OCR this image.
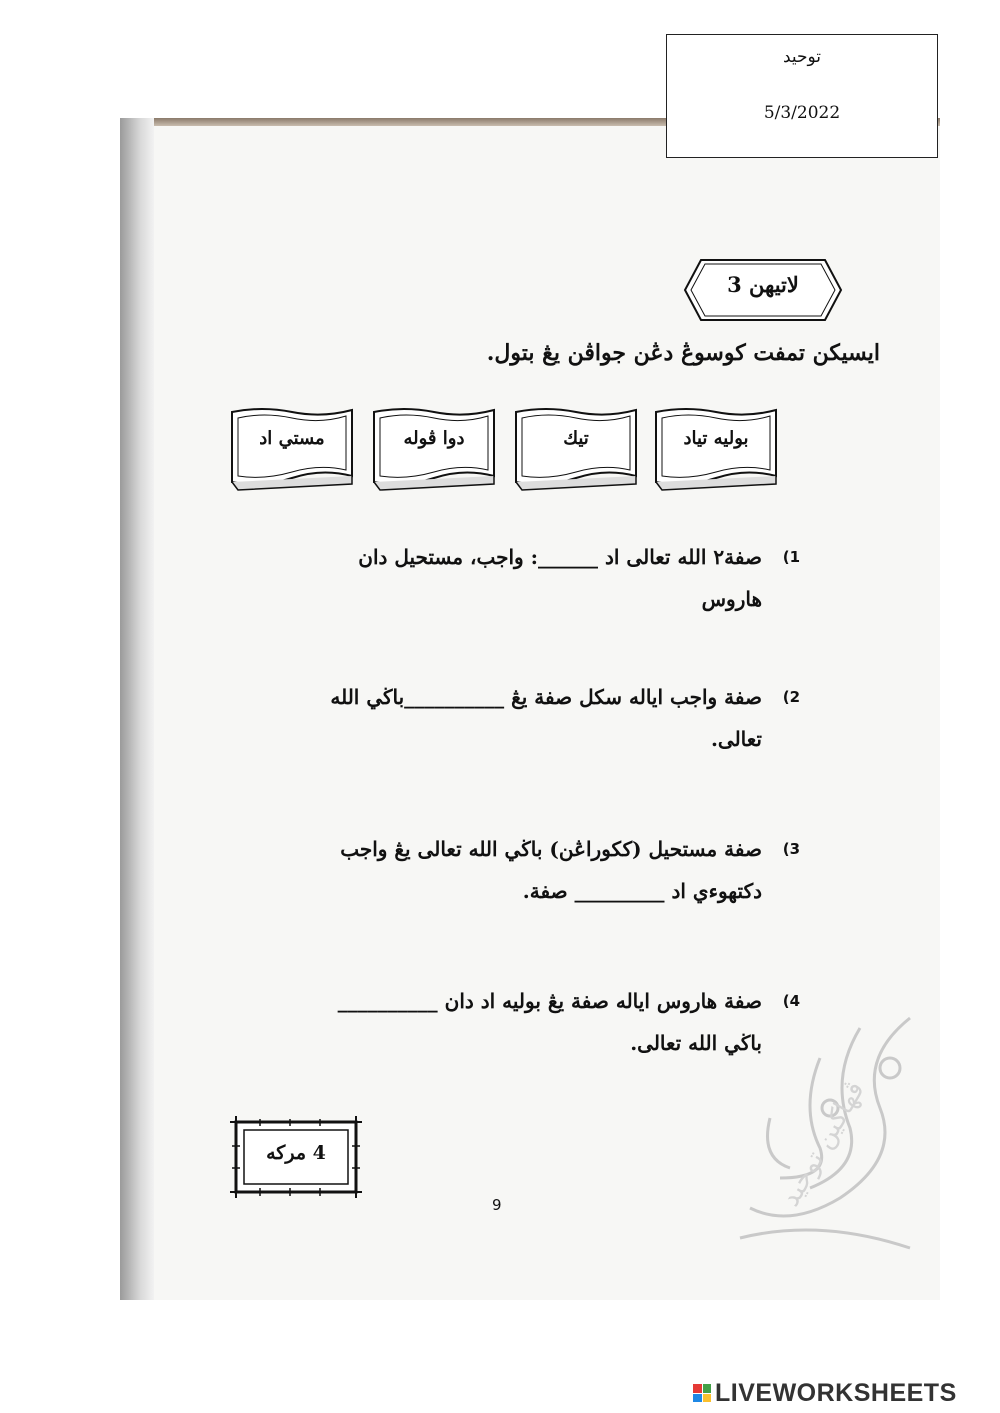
لاتيهن 3
ايسيكن تمفت كوسوڠ دڠن جواڤن يڠ بتول.
بوليه تياد
تيك
دوا ڤوله
مستي اد
1)
صفة٢ الله تعالى اد ______: واجب، مستحيل دان
هاروس
2)
صفة واجب اياله سكل صفة يڠ __________باڬي الله
تعالى.
3)
صفة مستحيل (ككوراڠن) باڬي الله تعالى يڠ واجب
دكتهوءي اد _________ صفة.
4)
صفة هاروس اياله صفة يڠ بوليه اد دان __________
باڬي الله تعالى.
4 مركه
9	ڤهاكين توحيد
توحيد
5/3/2022
LIVEWORKSHEETS
